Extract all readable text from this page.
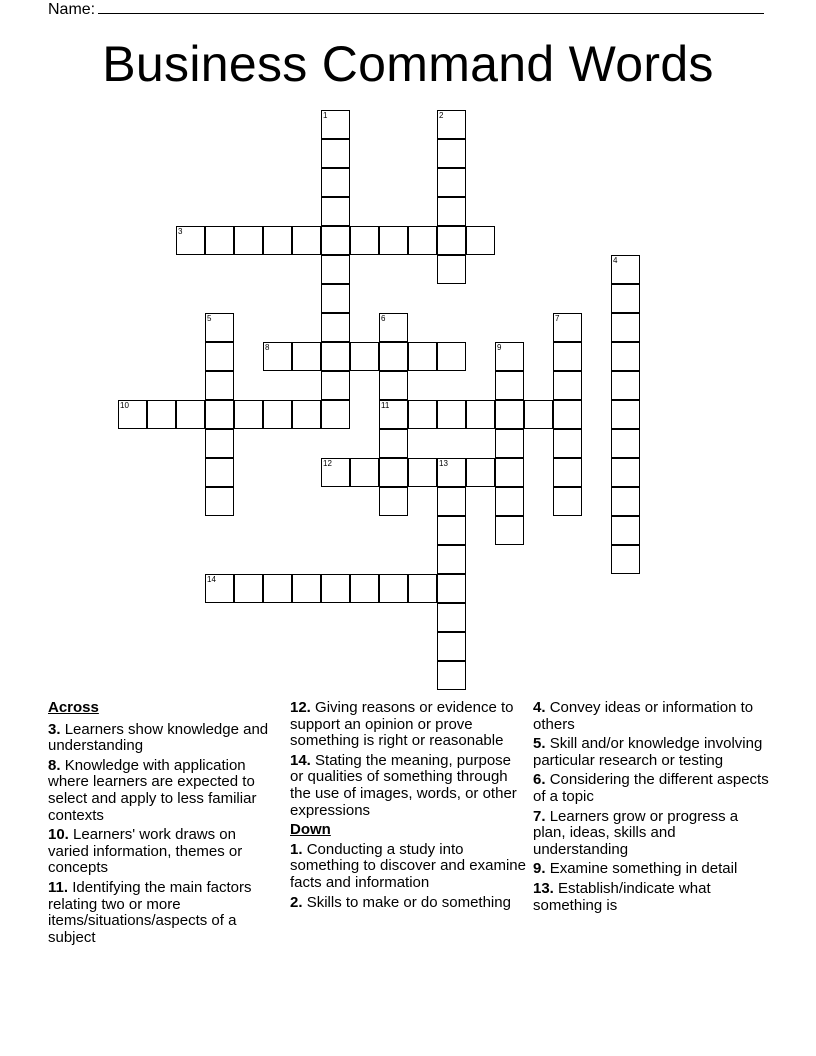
Name:
Business Command Words
1	2
3
4
5	6	7
8	9
10	11
12	13
14

Across

3. Learners show knowledge and understanding

8. Knowledge with application where learners are expected to select and apply to less familiar contexts

10. Learners' work draws on varied information, themes or concepts

11. Identifying the main factors relating two or more items/situations/aspects of a subject

12. Giving reasons or evidence to support an opinion or prove something is right or reasonable

14. Stating the meaning, purpose or qualities of something through the use of images, words, or other expressions

Down

1. Conducting a study into something to discover and examine facts and information

2. Skills to make or do something

4. Convey ideas or information to others

5. Skill and/or knowledge involving particular research or testing

6. Considering the different aspects of a topic

7. Learners grow or progress a plan, ideas, skills and understanding

9. Examine something in detail

13. Establish/indicate what something is
